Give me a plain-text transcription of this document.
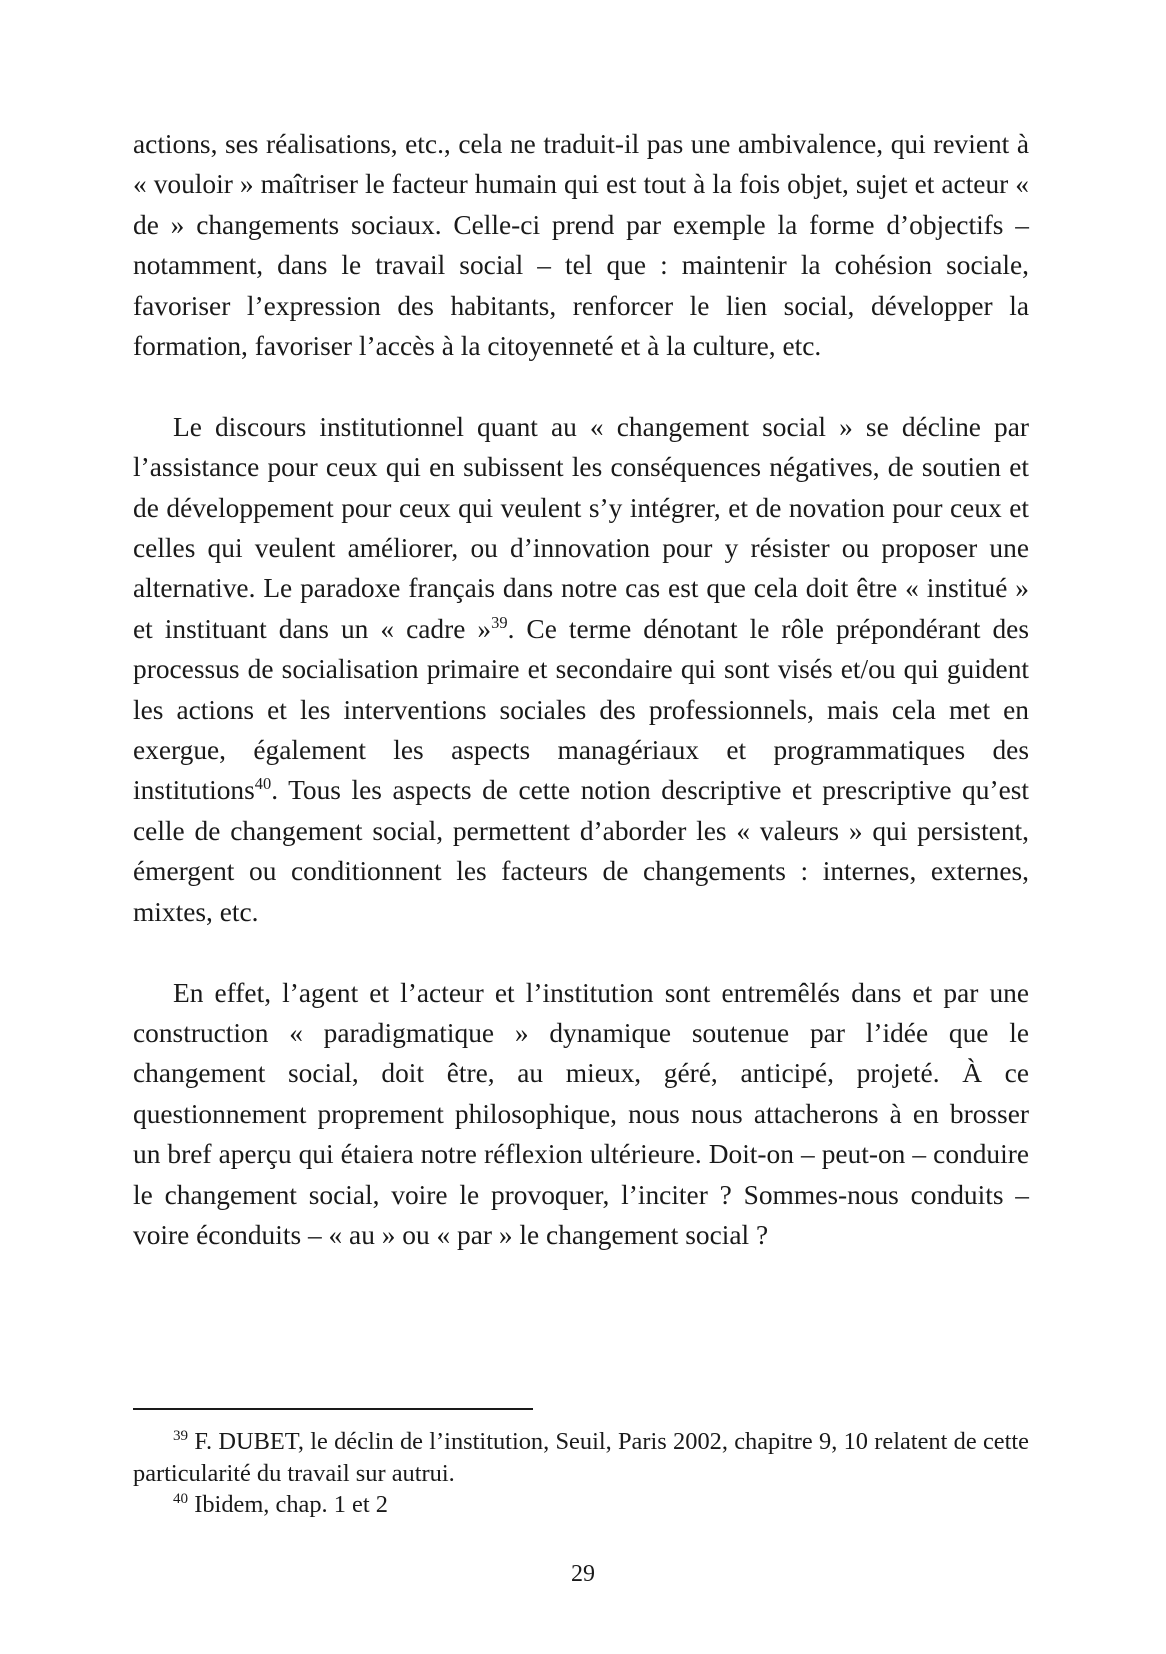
actions, ses réalisations, etc., cela ne traduit-il pas une ambivalence, qui revient à « vouloir » maîtriser le facteur humain qui est tout à la fois objet, sujet et acteur « de » changements sociaux. Celle-ci prend par exemple la forme d’objectifs – notamment, dans le travail social – tel que : maintenir la cohésion sociale, favoriser l’expression des habitants, renforcer le lien social, développer la formation, favoriser l’accès à la citoyenneté et à la culture, etc.

Le discours institutionnel quant au « changement social » se décline par l’assistance pour ceux qui en subissent les conséquences négatives, de soutien et de développement pour ceux qui veulent s’y intégrer, et de novation pour ceux et celles qui veulent améliorer, ou d’innovation pour y résister ou proposer une alternative. Le paradoxe français dans notre cas est que cela doit être « institué » et instituant dans un « cadre »$^{39}$. Ce terme dénotant le rôle prépondérant des processus de socialisation primaire et secondaire qui sont visés et/ou qui guident les actions et les interventions sociales des professionnels, mais cela met en exergue, également les aspects managériaux et programmatiques des institutions$^{40}$. Tous les aspects de cette notion descriptive et prescriptive qu’est celle de changement social, permettent d’aborder les « valeurs » qui persistent, émergent ou conditionnent les facteurs de changements : internes, externes, mixtes, etc.

En effet, l’agent et l’acteur et l’institution sont entremêlés dans et par une construction « paradigmatique » dynamique soutenue par l’idée que le changement social, doit être, au mieux, géré, anticipé, projeté. À ce questionnement proprement philosophique, nous nous attacherons à en brosser un bref aperçu qui étaiera notre réflexion ultérieure. Doit-on – peut-on – conduire le changement social, voire le provoquer, l’inciter ? Sommes-nous conduits – voire éconduits – « au » ou « par » le changement social ?

$^{39}$ F. DUBET, le déclin de l’institution, Seuil, Paris 2002, chapitre 9, 10 relatent de cette particularité du travail sur autrui.

$^{40}$ Ibidem, chap. 1 et 2

29
